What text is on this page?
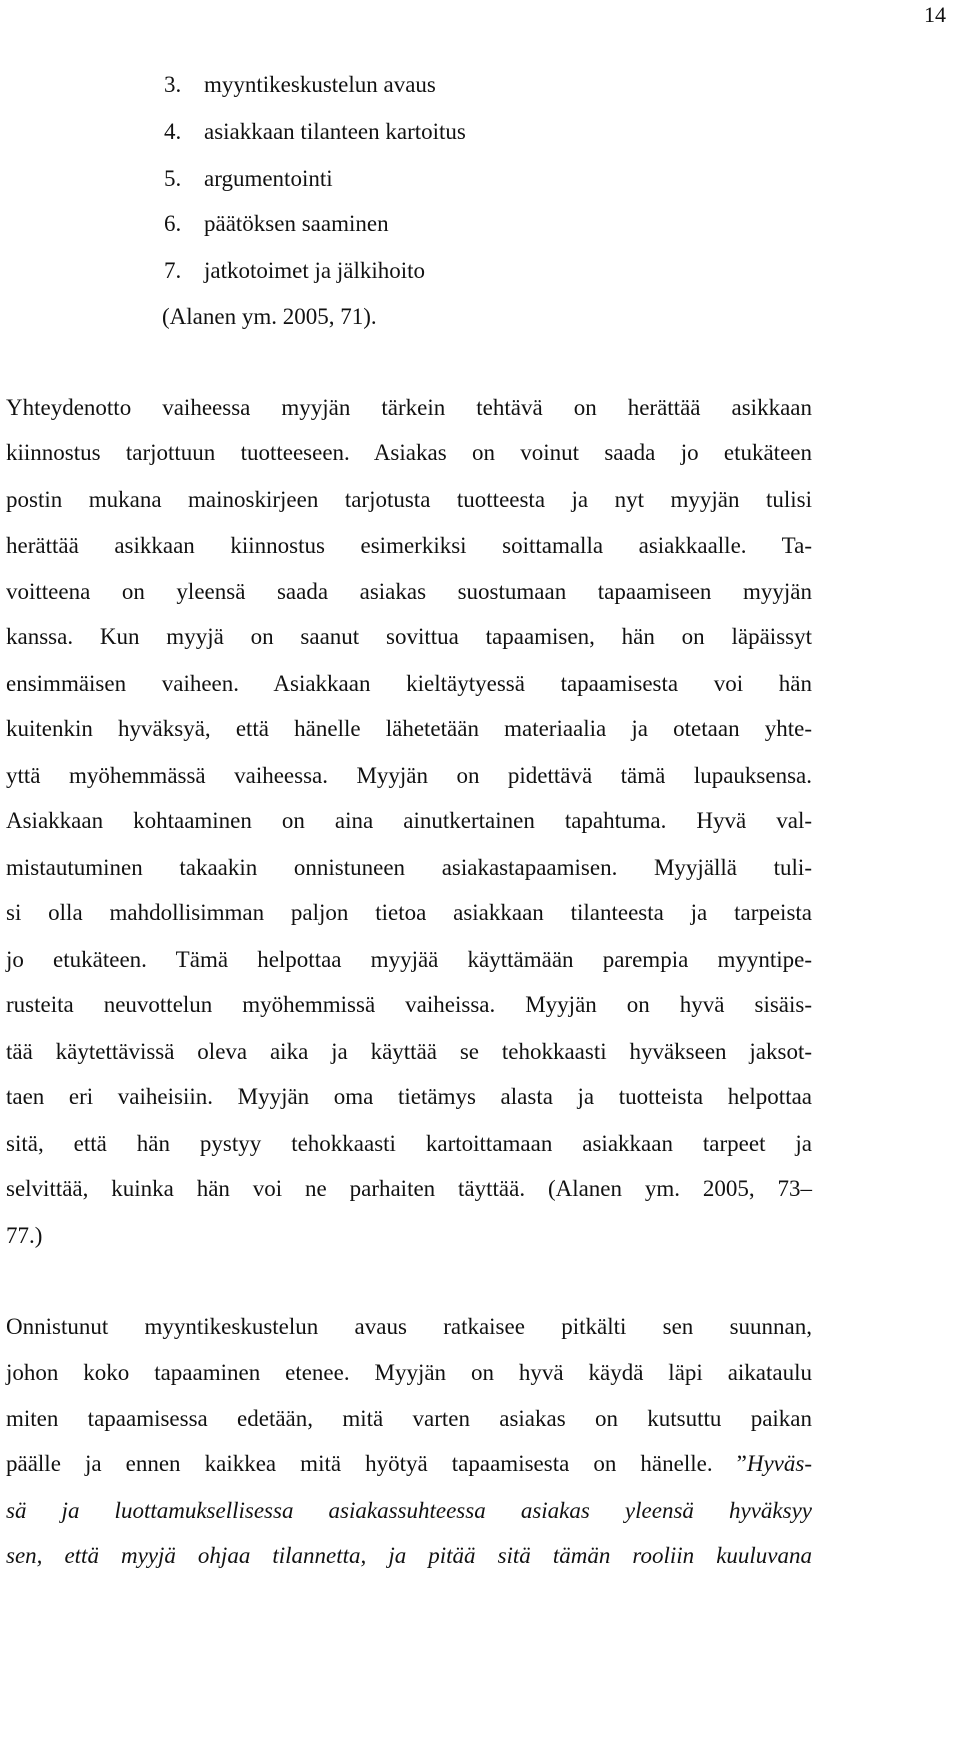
14
3. myyntikeskustelun avaus
4. asiakkaan tilanteen kartoitus
5. argumentointi
6. päätöksen saaminen
7. jatkotoimet ja jälkihoito
(Alanen ym. 2005, 71).
Yhteydenotto vaiheessa myyjän tärkein tehtävä on herättää asikkaan
kiinnostus tarjottuun tuotteeseen. Asiakas on voinut saada jo etukäteen
postin mukana mainoskirjeen tarjotusta tuotteesta ja nyt myyjän tulisi
herättää asikkaan kiinnostus esimerkiksi soittamalla asiakkaalle. Ta-
voitteena on yleensä saada asiakas suostumaan tapaamiseen myyjän
kanssa. Kun myyjä on saanut sovittua tapaamisen, hän on läpäissyt
ensimmäisen vaiheen. Asiakkaan kieltäytyessä tapaamisesta voi hän
kuitenkin hyväksyä, että hänelle lähetetään materiaalia ja otetaan yhte-
yttä myöhemmässä vaiheessa. Myyjän on pidettävä tämä lupauksensa.
Asiakkaan kohtaaminen on aina ainutkertainen tapahtuma. Hyvä val-
mistautuminen takaakin onnistuneen asiakastapaamisen. Myyjällä tuli-
si olla mahdollisimman paljon tietoa asiakkaan tilanteesta ja tarpeista
jo etukäteen. Tämä helpottaa myyjää käyttämään parempia myyntipe-
rusteita neuvottelun myöhemmissä vaiheissa. Myyjän on hyvä sisäis-
tää käytettävissä oleva aika ja käyttää se tehokkaasti hyväkseen jaksot-
taen eri vaiheisiin. Myyjän oma tietämys alasta ja tuotteista helpottaa
sitä, että hän pystyy tehokkaasti kartoittamaan asiakkaan tarpeet ja
selvittää, kuinka hän voi ne parhaiten täyttää. (Alanen ym. 2005, 73–
77.)
Onnistunut myyntikeskustelun avaus ratkaisee pitkälti sen suunnan,
johon koko tapaaminen etenee. Myyjän on hyvä käydä läpi aikataulu
miten tapaamisessa edetään, mitä varten asiakas on kutsuttu paikan
päälle ja ennen kaikkea mitä hyötyä tapaamisesta on hänelle. ”Hyväs-
sä ja luottamuksellisessa asiakassuhteessa asiakas yleensä hyväksyy
sen, että myyjä ohjaa tilannetta, ja pitää sitä tämän rooliin kuuluvana
